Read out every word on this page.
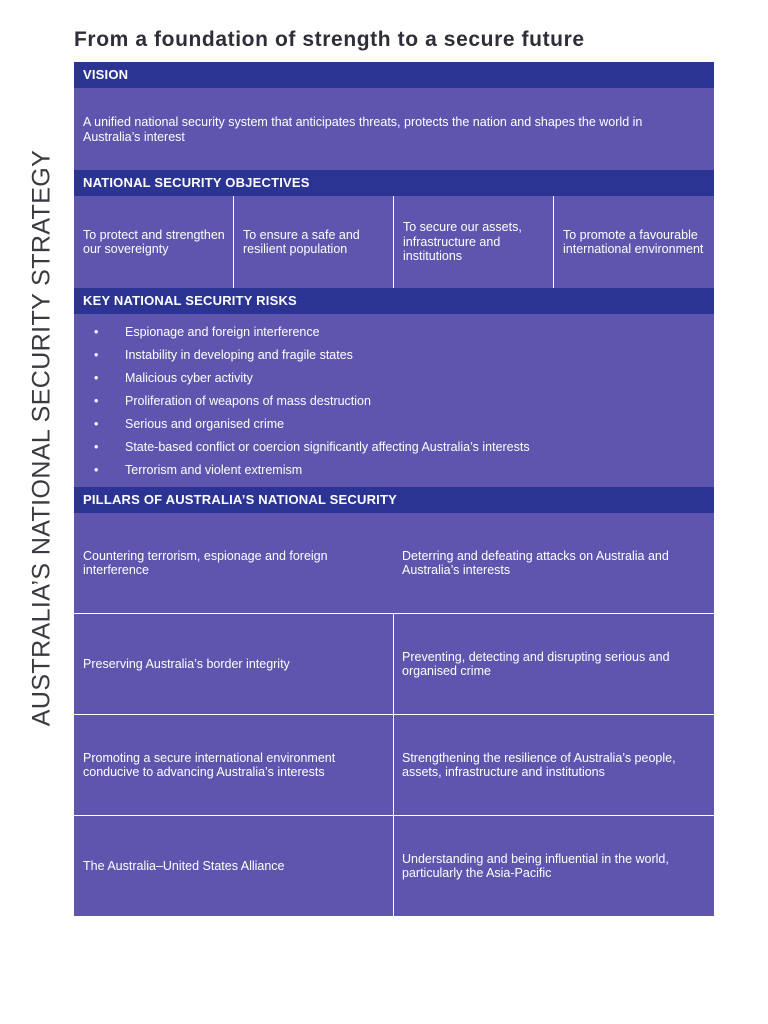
From a foundation of strength to a secure future
AUSTRALIA’S NATIONAL SECURITY STRATEGY
VISION
A unified national security system that anticipates threats, protects the nation and shapes the world in Australia’s interest
NATIONAL SECURITY OBJECTIVES
To protect and strengthen our sovereignty
To ensure a safe and resilient population
To secure our assets, infrastructure and institutions
To promote a favourable international environment
KEY NATIONAL SECURITY RISKS
• Espionage and foreign interference
• Instability in developing and fragile states
• Malicious cyber activity
• Proliferation of weapons of mass destruction
• Serious and organised crime
• State-based conflict or coercion significantly affecting Australia’s interests
• Terrorism and violent extremism
PILLARS OF AUSTRALIA’S NATIONAL SECURITY
Countering terrorism, espionage and foreign interference
Deterring and defeating attacks on Australia and Australia’s interests
Preserving Australia’s border integrity
Preventing, detecting and disrupting serious and organised crime
Promoting a secure international environment conducive to advancing Australia’s interests
Strengthening the resilience of Australia’s people, assets, infrastructure and institutions
The Australia–United States Alliance
Understanding and being influential in the world, particularly the Asia-Pacific
